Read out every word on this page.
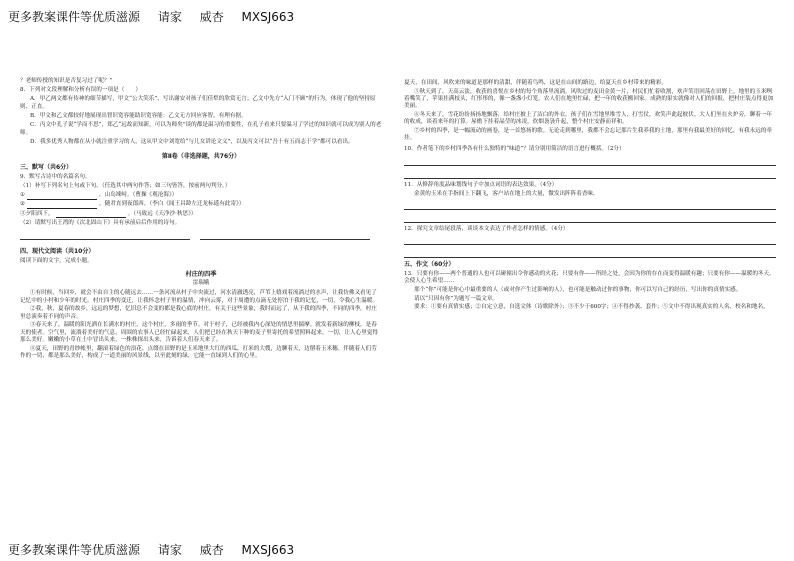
更多教案课件等优质滋源 请家 威杏 MXSJ663

？老师传授的知识是否复习过了呢？”

8．下列对文段理解和分析有误的一项是（　　）

A．甲乙两文都有传神的细节描写，甲文“公大笑乐”，写出谢安对孩子们佳犁的欣赏无言；乙文中先方“入门不顾”的行为，体现了他的坚持原则、正直。

B．甲文和乙文都较好地展现出智识宽容能助识宽容能：乙文无方回应客智，有理有据。

C．丙文中孔子说“学而不思”，郑乙“远故而知新，可以为师矣”谈的都是温习的重要性，在孔子看来只要温习了学过的知识就可以成为别人的老师。

D．我多优秀人物都在从小就注重学习的人，这从甲文中刘宽给“与儿女讲论文义”，以及丙文可以“吾十有五而志于学”都可以看出。

第Ⅱ卷（非选择题，共76分）
三、默写（共6分）

9．默写古诗中的名篇名句。

（1）补写下列名句上句或下句。（任选其中两句作答；如三句皆答，按前两句判分。）

①	，山岛竦峙。（曹操《观沧海》）

②	，随君直到夜郎西。（李白《闻王昌龄左迁龙标遥有此寄》）

③夕阳西下，	。（马致远《天净沙·秋思》）

（2）请默写出王湾的《次北固山下》具有承前启后作用的诗句。

四、现代文阅读（共10分）

阅读下面的文字，完成小题。

村庄的四季
雷瑞娥

①有时候，当回乡，就会不由自主的心随远去……一条河流从村子中央流过，河水清澈透亮，芦苇上嬉戏着流淌过的水声，让我仿佛又看见了记忆中的小村和少年的时光。村庄四季的变迁，让我怀念村子里的温情，冲向云雾，对于周遭的点滴无处停泊于我的记忆，一切，令我心生温暖。

②我，秋，夏春的故乡，远远的梦想，忆旧总不会变的都是我心底的村庄，有关于这些景象，我时而远了，从于我的四季，不同的四季，村庄里总演奏着不同的声音。

③春天来了，温暖的阳光洒在长满水的村庄，这个村庄，多雨的季节。对于村子，已经被我内心深处的情思里揣摩。就发着新绿的柳枝，是春天的使者。空气里，流淌着美好的气息，周围的农事人已经忙碌起来，人们把已经在秋天下种的麦子里寄托的希望照料起来。一切，让人心里觉得那么美好。嫩嫩的小草在土中冒出头来，一株株探出头来，告诉着人们春天来了。

④夏天，田野的青纱帐里，翻滚着绿色的浪花。点缀在田野的是玉米地里大红的西瓜，打米的大嫂，边聊着天，边掰着玉米穗。伴随着人们劳作的一切，都是那么美好，构成了一道美丽的风景线，以至此刻的绿，它能一直绿到人们的心里。

夏天，在田间，风吹来的味道是那样的清甜，伴随着鸟鸣，这是在山间的路边，给夏天在乡村带来的精彩。

⑤秋天到了，天高云淡，收获的喜悦在乡村的每个角落里流淌。风吹过的麦田金黄一片，村民们忙着收割，欢声笑语回荡在田野上。地里的玉米咧着嘴笑了，苹果挂满枝头，红彤彤的，像一盏盏小灯笼。农人们在地里忙碌，把一年的收获搬回家。成熟的果实就像对人们的回报，把村庄装点得更加美丽。

⑥冬天来了，雪花纷纷扬扬地飘落，给村庄披上了洁白的外衣。孩子们在雪地里堆雪人、打雪仗，欢笑声此起彼伏。大人们坐在火炉旁，聊着一年的收成，谈着来年的打算。屋檐下挂着晶莹的冰凌，炊烟袅袅升起，整个村庄安静而祥和。

⑦乡村的四季，是一幅流动的画卷，是一首悠扬的歌。无论走到哪里，我都不会忘记那片生我养我的土地，那里有我最美好的回忆，有我永远的牵挂。

10．作者笔下的乡村四季各有什么独特的“味道”？请分别用简洁的语言进行概括。（2分）

11．从修辞角度品味划线句子中加点词语的表达效果。（4分）

金黄的玉米在手指间上下翻飞，客户站在地上的大量，微发出阵阵着香味。

12．探究文章结尾段落，谈谈本文表达了作者怎样的情感。（4分）

五、作文（60分）

13．只要有你——两个普通的人也可以碰撞出令你感动的火花；只要有你——所经之处，会因为你的存在而变得温暖有趣；只要有你——温暖的冬天，会使人心生希望……

那个“你”可能是你心中最重要的人（或对你产生过影响的人），也可能是触动过你的事物，你可以写自己的经历，写出你的真情实感。

请以“只因有你”为题写一篇文章。

要求：①要有真情实感；②自定立意，自选文体（诗歌除外）；③不少于600字；④不得抄袭、套作；⑤文中不得出现真实的人名、校名和地名。

更多教案课件等优质滋源 请家 威杏 MXSJ663
